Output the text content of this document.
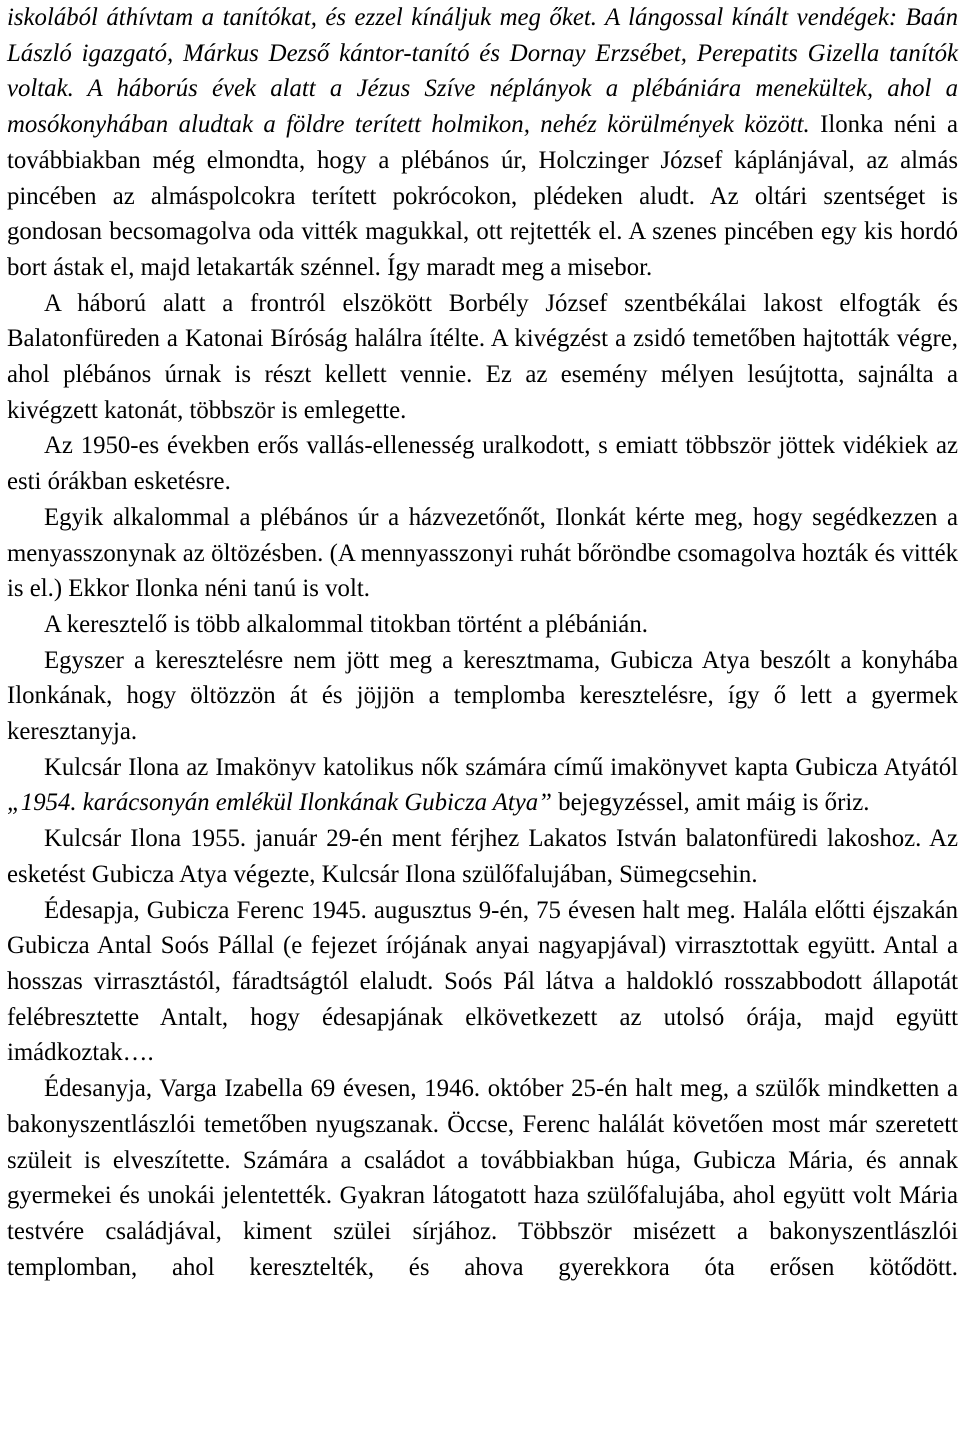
iskolából áthívtam a tanítókat, és ezzel kínáljuk meg őket. A lángossal kínált vendégek: Baán László igazgató, Márkus Dezső kántor-tanító és Dornay Erzsébet, Perepatits Gizella tanítók voltak. A háborús évek alatt a Jézus Szíve néplányok a plébániára menekültek, ahol a mosókonyhában aludtak a földre terített holmikon, nehéz körülmények között. Ilonka néni a továbbiakban még elmondta, hogy a plébános úr, Holczinger József káplánjával, az almás pincében az almáspolcokra terített pokrócokon, plédeken aludt. Az oltári szentséget is gondosan becsomagolva oda vitték magukkal, ott rejtették el. A szenes pincében egy kis hordó bort ástak el, majd letakarták szénnel. Így maradt meg a misebor.

A háború alatt a frontról elszökött Borbély József szentbékálai lakost elfogták és Balatonfüreden a Katonai Bíróság halálra ítélte. A kivégzést a zsidó temetőben hajtották végre, ahol plébános úrnak is részt kellett vennie. Ez az esemény mélyen lesújtotta, sajnálta a kivégzett katonát, többször is emlegette.

Az 1950-es években erős vallás-ellenesség uralkodott, s emiatt többször jöttek vidékiek az esti órákban esketésre.

Egyik alkalommal a plébános úr a házvezetőnőt, Ilonkát kérte meg, hogy segédkezzen a menyasszonynak az öltözésben. (A mennyasszonyi ruhát bőröndbe csomagolva hozták és vitték is el.) Ekkor Ilonka néni tanú is volt.

A keresztelő is több alkalommal titokban történt a plébánián.

Egyszer a keresztelésre nem jött meg a keresztmama, Gubicza Atya beszólt a konyhába Ilonkának, hogy öltözzön át és jöjjön a templomba keresztelésre, így ő lett a gyermek keresztanyja.

Kulcsár Ilona az Imakönyv katolikus nők számára című imakönyvet kapta Gubicza Atyától „1954. karácsonyán emlékül Ilonkának Gubicza Atya” bejegyzéssel, amit máig is őriz.

Kulcsár Ilona 1955. január 29-én ment férjhez Lakatos István balatonfüredi lakoshoz. Az esketést Gubicza Atya végezte, Kulcsár Ilona szülőfalujában, Sümegcsehin.

Édesapja, Gubicza Ferenc 1945. augusztus 9-én, 75 évesen halt meg. Halála előtti éjszakán Gubicza Antal Soós Pállal (e fejezet írójának anyai nagyapjával) virrasztottak együtt. Antal a hosszas virrasztástól, fáradtságtól elaludt. Soós Pál látva a haldokló rosszabbodott állapotát felébresztette Antalt, hogy édesapjának elkövetkezett az utolsó órája, majd együtt imádkoztak….

Édesanyja, Varga Izabella 69 évesen, 1946. október 25-én halt meg, a szülők mindketten a bakonyszentlászlói temetőben nyugszanak. Öccse, Ferenc halálát követően most már szeretett szüleit is elveszítette. Számára a családot a továbbiakban húga, Gubicza Mária, és annak gyermekei és unokái jelentették. Gyakran látogatott haza szülőfalujába, ahol együtt volt Mária testvére családjával, kiment szülei sírjához. Többször misézett a bakonyszentlászlói templomban, ahol keresztelték, és ahova gyerekkora óta erősen kötődött.
